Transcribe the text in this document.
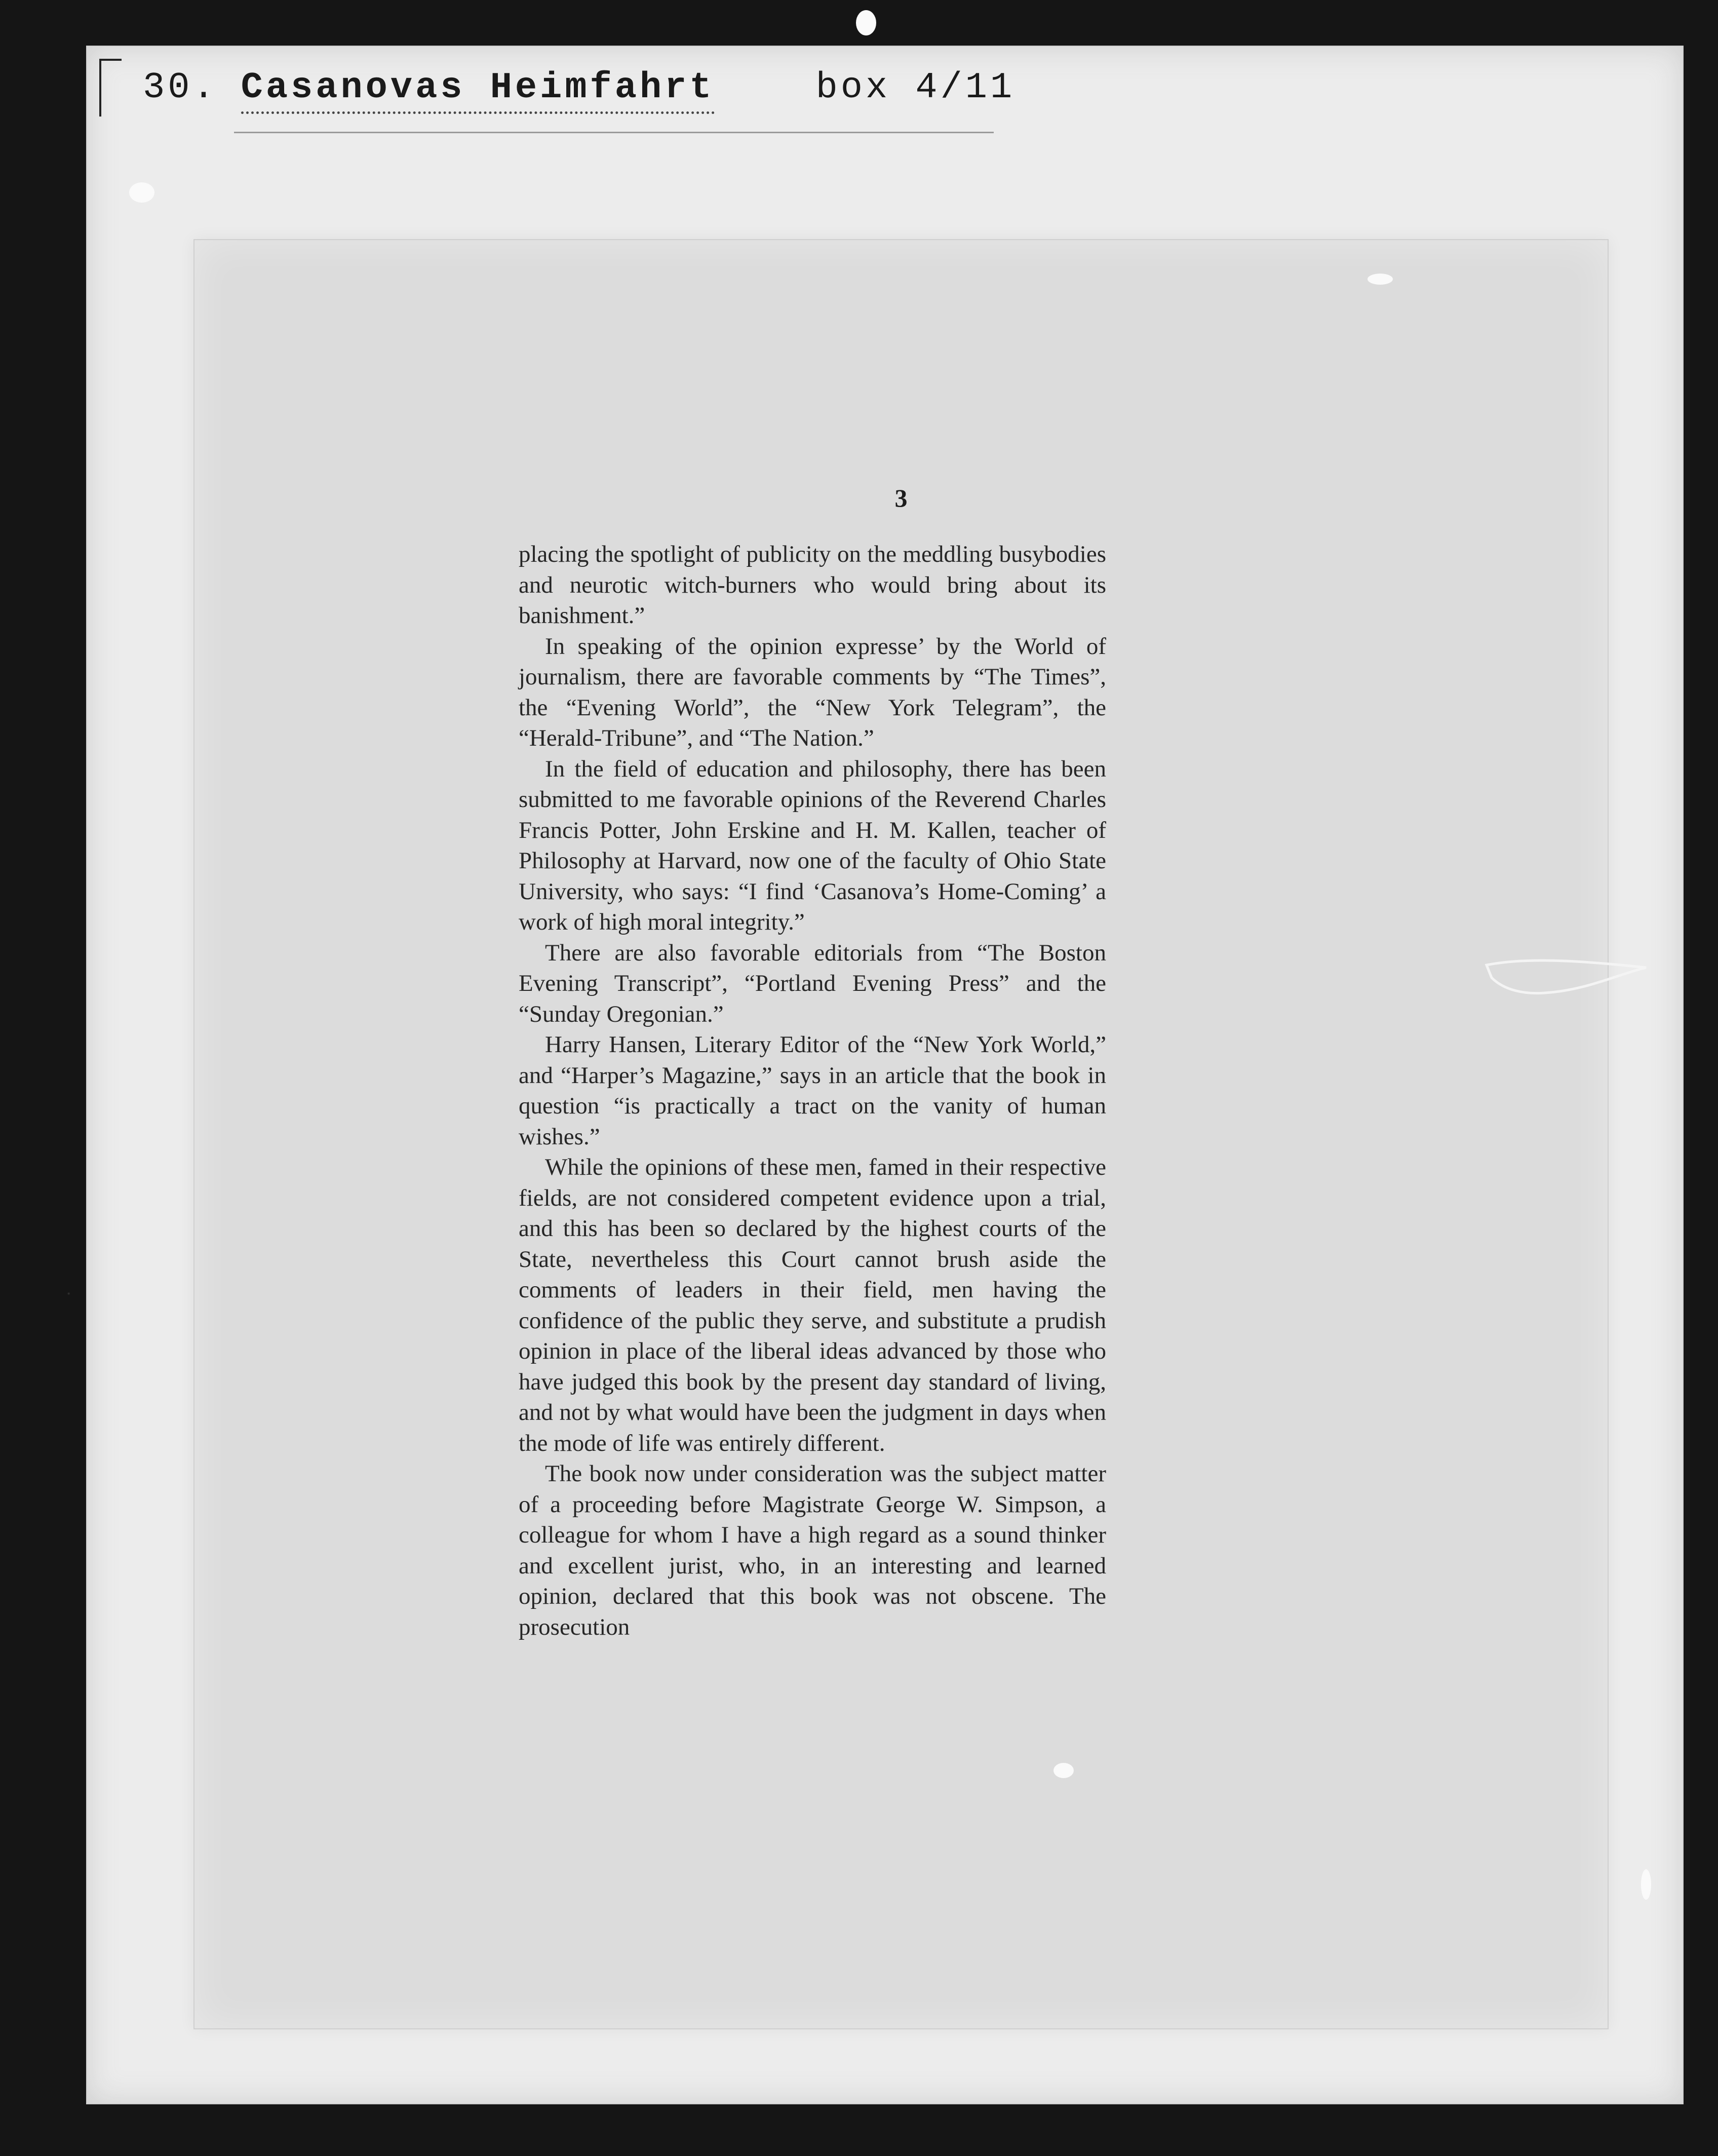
30. Casanovas Heimfahrt	box 4/11
3

placing the spotlight of publicity on the meddling busybodies and neurotic witch-burners who would bring about its banishment.”

In speaking of the opinion expresse’ by the World of journalism, there are favorable comments by “The Times”, the “Evening World”, the “New York Telegram”, the “Herald-Tribune”, and “The Nation.”

In the field of education and philosophy, there has been submitted to me favorable opinions of the Reverend Charles Francis Potter, John Erskine and H. M. Kallen, teacher of Philosophy at Harvard, now one of the faculty of Ohio State University, who says: “I find ‘Casanova’s Home-Coming’ a work of high moral integrity.”

There are also favorable editorials from “The Boston Evening Transcript”, “Portland Evening Press” and the “Sunday Oregonian.”

Harry Hansen, Literary Editor of the “New York World,” and “Harper’s Magazine,” says in an article that the book in question “is practically a tract on the vanity of human wishes.”

While the opinions of these men, famed in their respective fields, are not considered competent evidence upon a trial, and this has been so declared by the highest courts of the State, nevertheless this Court cannot brush aside the comments of leaders in their field, men having the confidence of the public they serve, and substitute a prudish opinion in place of the liberal ideas advanced by those who have judged this book by the present day standard of living, and not by what would have been the judgment in days when the mode of life was entirely different.

The book now under consideration was the subject matter of a proceeding before Magistrate George W. Simpson, a colleague for whom I have a high regard as a sound thinker and excellent jurist, who, in an interesting and learned opinion, declared that this book was not obscene. The prosecution
